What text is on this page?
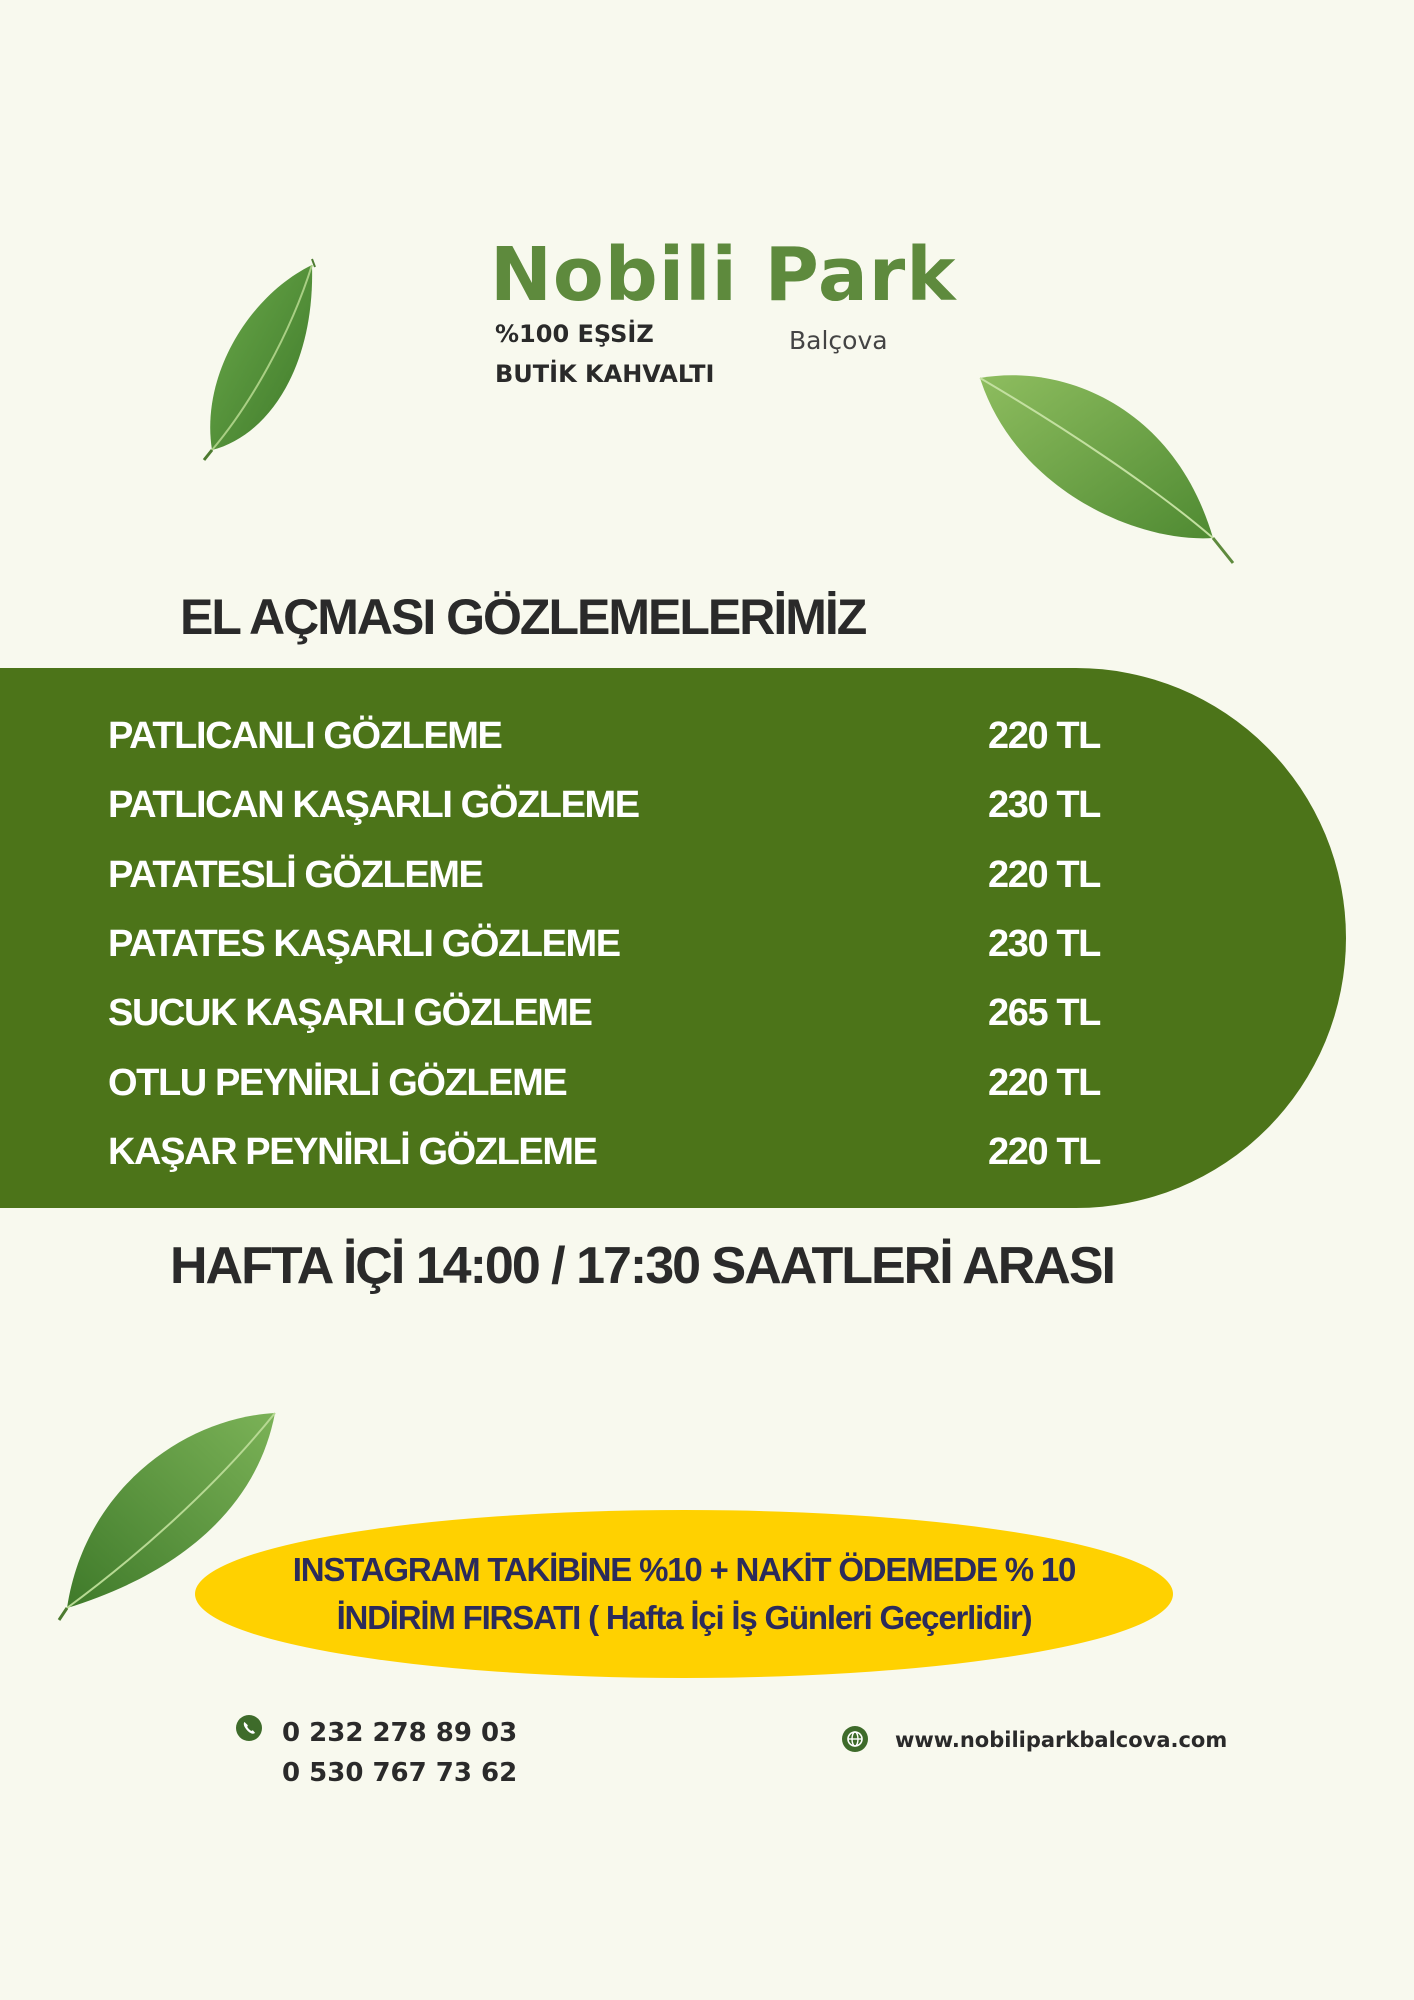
Nobili Park
Balçova
%100 EŞSİZ
BUTİK KAHVALTI
EL AÇMASI GÖZLEMELERİMİZ
PATLICANLI GÖZLEME	220 TL
PATLICAN KAŞARLI GÖZLEME	230 TL
PATATESLİ GÖZLEME	220 TL
PATATES KAŞARLI GÖZLEME	230 TL
SUCUK KAŞARLI GÖZLEME	265 TL
OTLU PEYNİRLİ GÖZLEME	220 TL
KAŞAR PEYNİRLİ GÖZLEME	220 TL
HAFTA İÇİ 14:00 / 17:30 SAATLERİ ARASI
INSTAGRAM TAKİBİNE %10 + NAKİT ÖDEMEDE % 10
İNDİRİM FIRSATI ( Hafta İçi İş Günleri Geçerlidir)
0 232 278 89 03
0 530 767 73 62
www.nobiliparkbalcova.com
